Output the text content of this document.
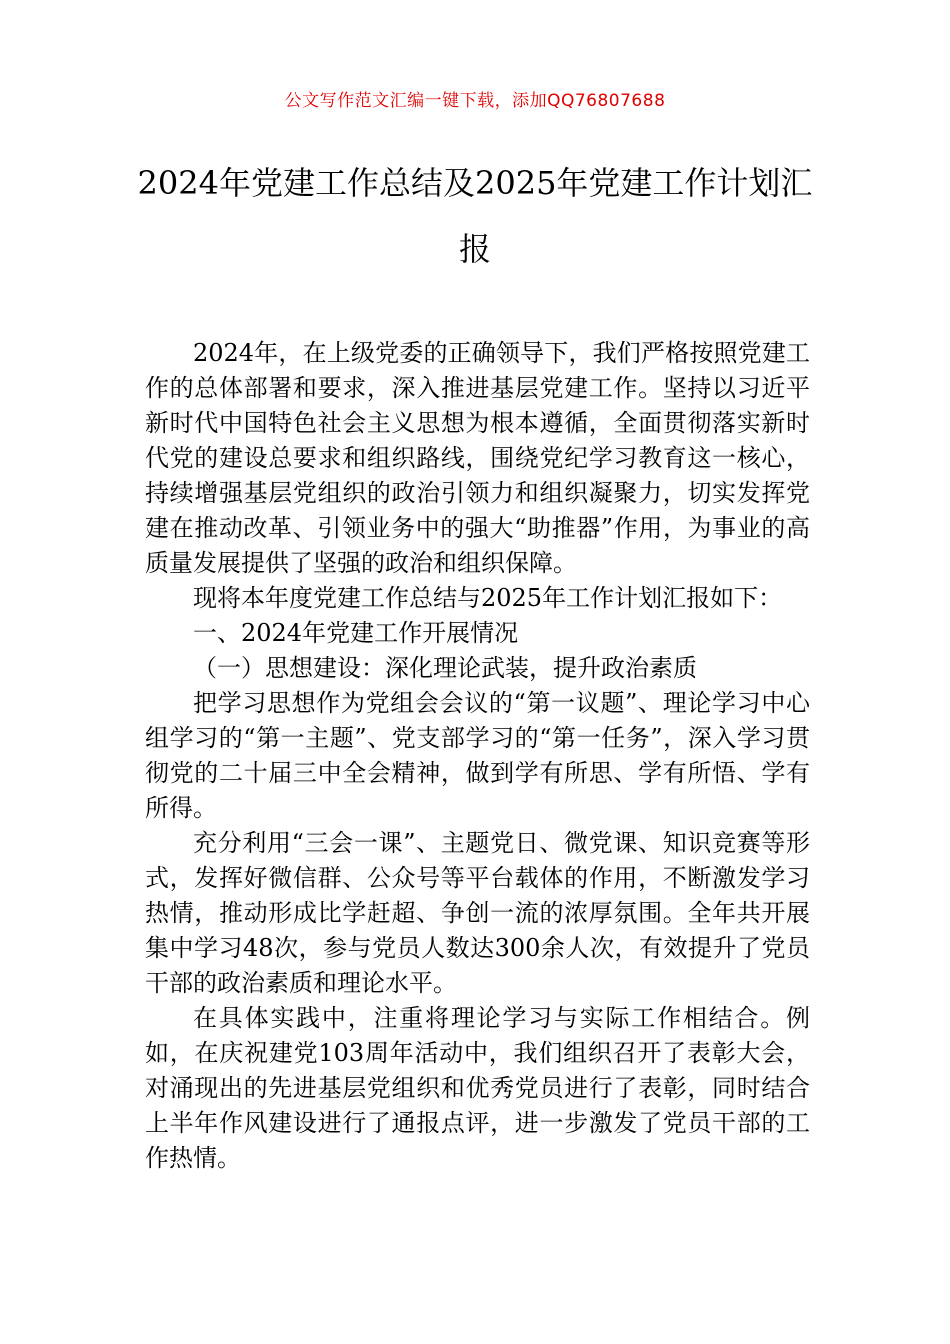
公文写作范文汇编一键下载，添加QQ76807688
2024年党建工作总结及2025年党建工作计划汇报

2024年，在上级党委的正确领导下，我们严格按照党建工作的总体部署和要求，深入推进基层党建工作。坚持以习近平新时代中国特色社会主义思想为根本遵循，全面贯彻落实新时代党的建设总要求和组织路线，围绕党纪学习教育这一核心，持续增强基层党组织的政治引领力和组织凝聚力，切实发挥党建在推动改革、引领业务中的强大“助推器”作用，为事业的高质量发展提供了坚强的政治和组织保障。

现将本年度党建工作总结与2025年工作计划汇报如下：

一、2024年党建工作开展情况

（一）思想建设：深化理论武装，提升政治素质

把学习思想作为党组会会议的“第一议题”、理论学习中心组学习的“第一主题”、党支部学习的“第一任务”，深入学习贯彻党的二十届三中全会精神，做到学有所思、学有所悟、学有所得。

充分利用“三会一课”、主题党日、微党课、知识竞赛等形式，发挥好微信群、公众号等平台载体的作用，不断激发学习热情，推动形成比学赶超、争创一流的浓厚氛围。全年共开展集中学习48次，参与党员人数达300余人次，有效提升了党员干部的政治素质和理论水平。

在具体实践中，注重将理论学习与实际工作相结合。例如，在庆祝建党103周年活动中，我们组织召开了表彰大会，对涌现出的先进基层党组织和优秀党员进行了表彰，同时结合上半年作风建设进行了通报点评，进一步激发了党员干部的工作热情。
